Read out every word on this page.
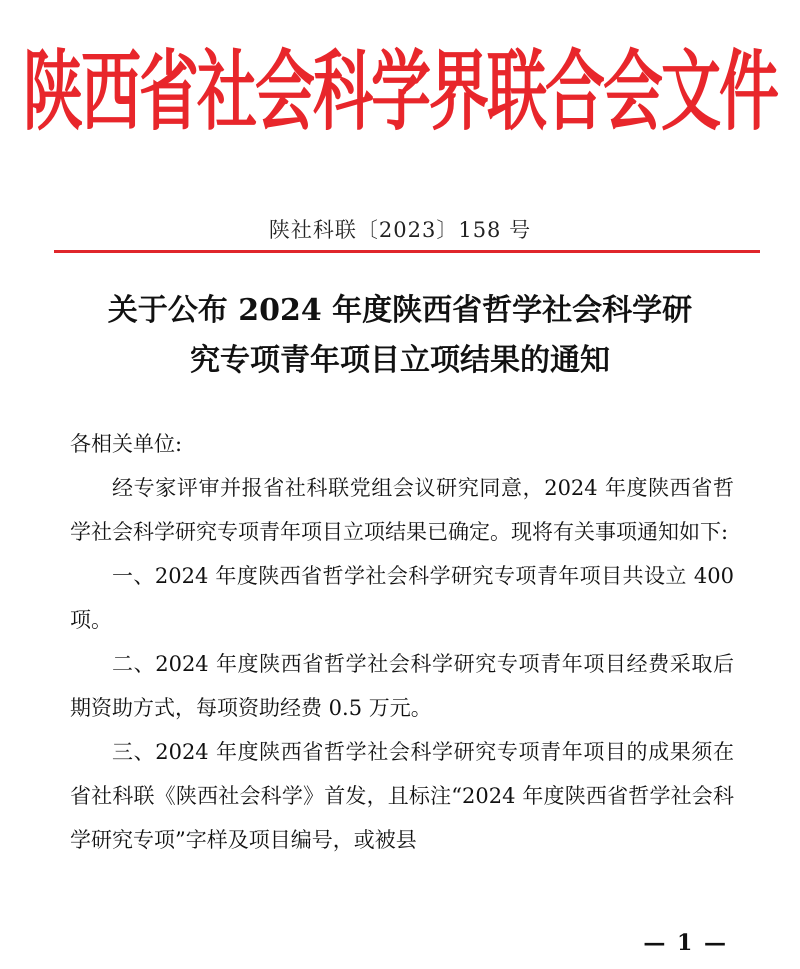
陕西省社会科学界联合会文件
陕社科联〔2023〕158 号
关于公布 2024 年度陕西省哲学社会科学研
究专项青年项目立项结果的通知

各相关单位:

经专家评审并报省社科联党组会议研究同意，2024 年度陕西省哲学社会科学研究专项青年项目立项结果已确定。现将有关事项通知如下:

一、2024 年度陕西省哲学社会科学研究专项青年项目共设立 400 项。

二、2024 年度陕西省哲学社会科学研究专项青年项目经费采取后期资助方式，每项资助经费 0.5 万元。

三、2024 年度陕西省哲学社会科学研究专项青年项目的成果须在省社科联《陕西社会科学》首发，且标注“2024 年度陕西省哲学社会科学研究专项”字样及项目编号，或被县

— 1 —
